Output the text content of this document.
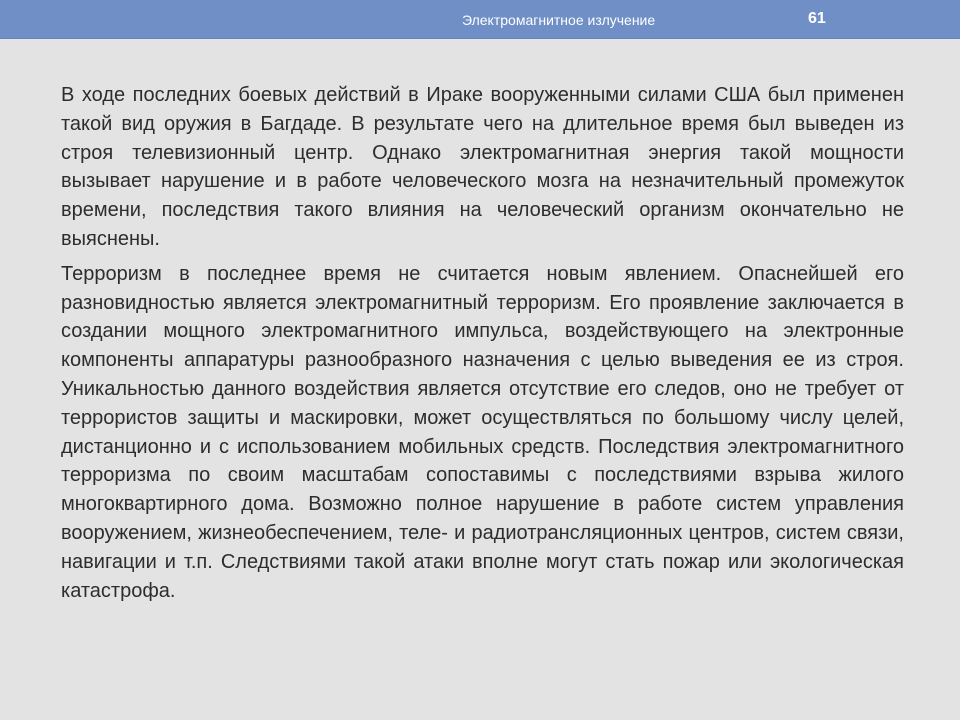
Электромагнитное излучение	61

В ходе последних боевых действий в Ираке вооруженными силами США был применен такой вид оружия в Багдаде. В результате чего на длительное время был выведен из строя телевизионный центр. Однако электромагнитная энергия такой мощности вызывает нарушение и в работе человеческого мозга на незначительный промежуток времени, последствия такого влияния на человеческий организм окончательно не выяснены.

Терроризм в последнее время не считается новым явлением. Опаснейшей его разновидностью является электромагнитный терроризм. Его проявление заключается в создании мощного электромагнитного импульса, воздействующего на электронные компоненты аппаратуры разнообразного назначения с целью выведения ее из строя. Уникальностью данного воздействия является отсутствие его следов, оно не требует от террористов защиты и маскировки, может осуществляться по большому числу целей, дистанционно и с использованием мобильных средств. Последствия электромагнитного терроризма по своим масштабам сопоставимы с последствиями взрыва жилого многоквартирного дома. Возможно полное нарушение в работе систем управления вооружением, жизнеобеспечением, теле- и радиотрансляционных центров, систем связи, навигации и т.п. Следствиями такой атаки вполне могут стать пожар или экологическая катастрофа.
